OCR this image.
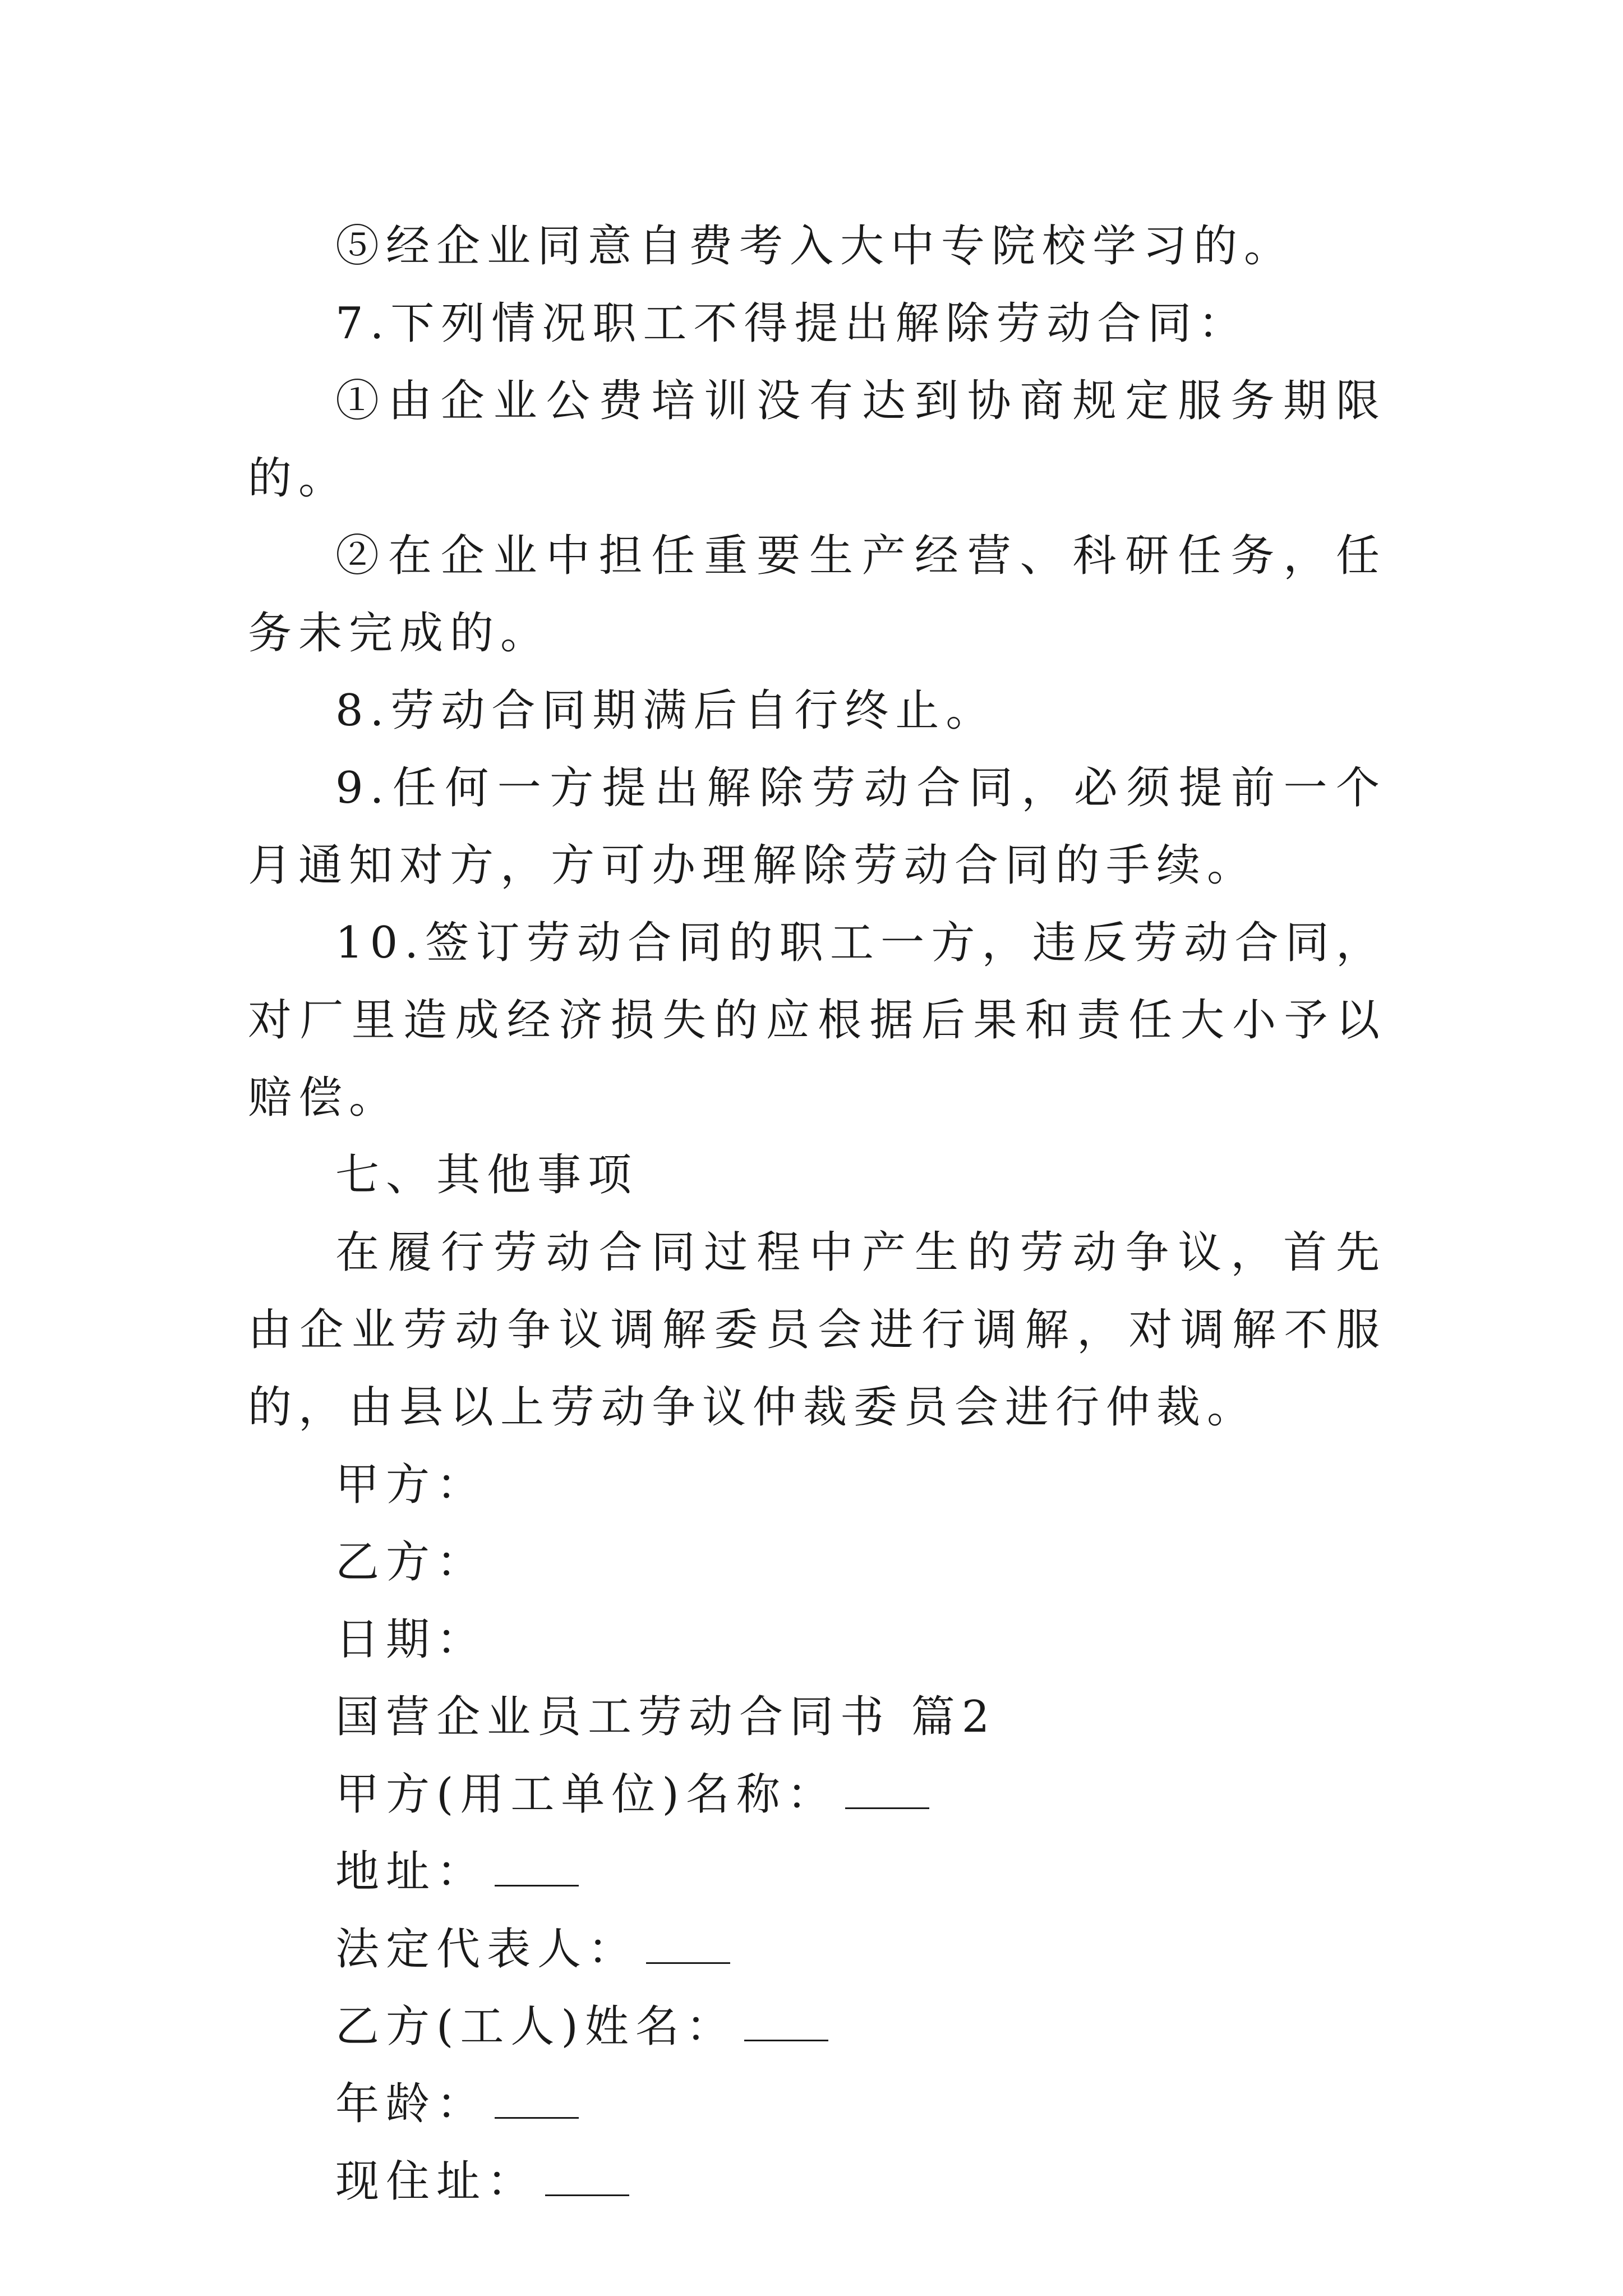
⑤经企业同意自费考入大中专院校学习的。

7.下列情况职工不得提出解除劳动合同：

①由企业公费培训没有达到协商规定服务期限的。

②在企业中担任重要生产经营、科研任务，任务未完成的。

8.劳动合同期满后自行终止。

9.任何一方提出解除劳动合同，必须提前一个月通知对方，方可办理解除劳动合同的手续。

10.签订劳动合同的职工一方，违反劳动合同，对厂里造成经济损失的应根据后果和责任大小予以赔偿。

七、其他事项

在履行劳动合同过程中产生的劳动争议，首先由企业劳动争议调解委员会进行调解，对调解不服的，由县以上劳动争议仲裁委员会进行仲裁。

甲方：

乙方：

日期：

国营企业员工劳动合同书 篇2

甲方(用工单位)名称：

地址：

法定代表人：

乙方(工人)姓名：

年龄：

现住址：
